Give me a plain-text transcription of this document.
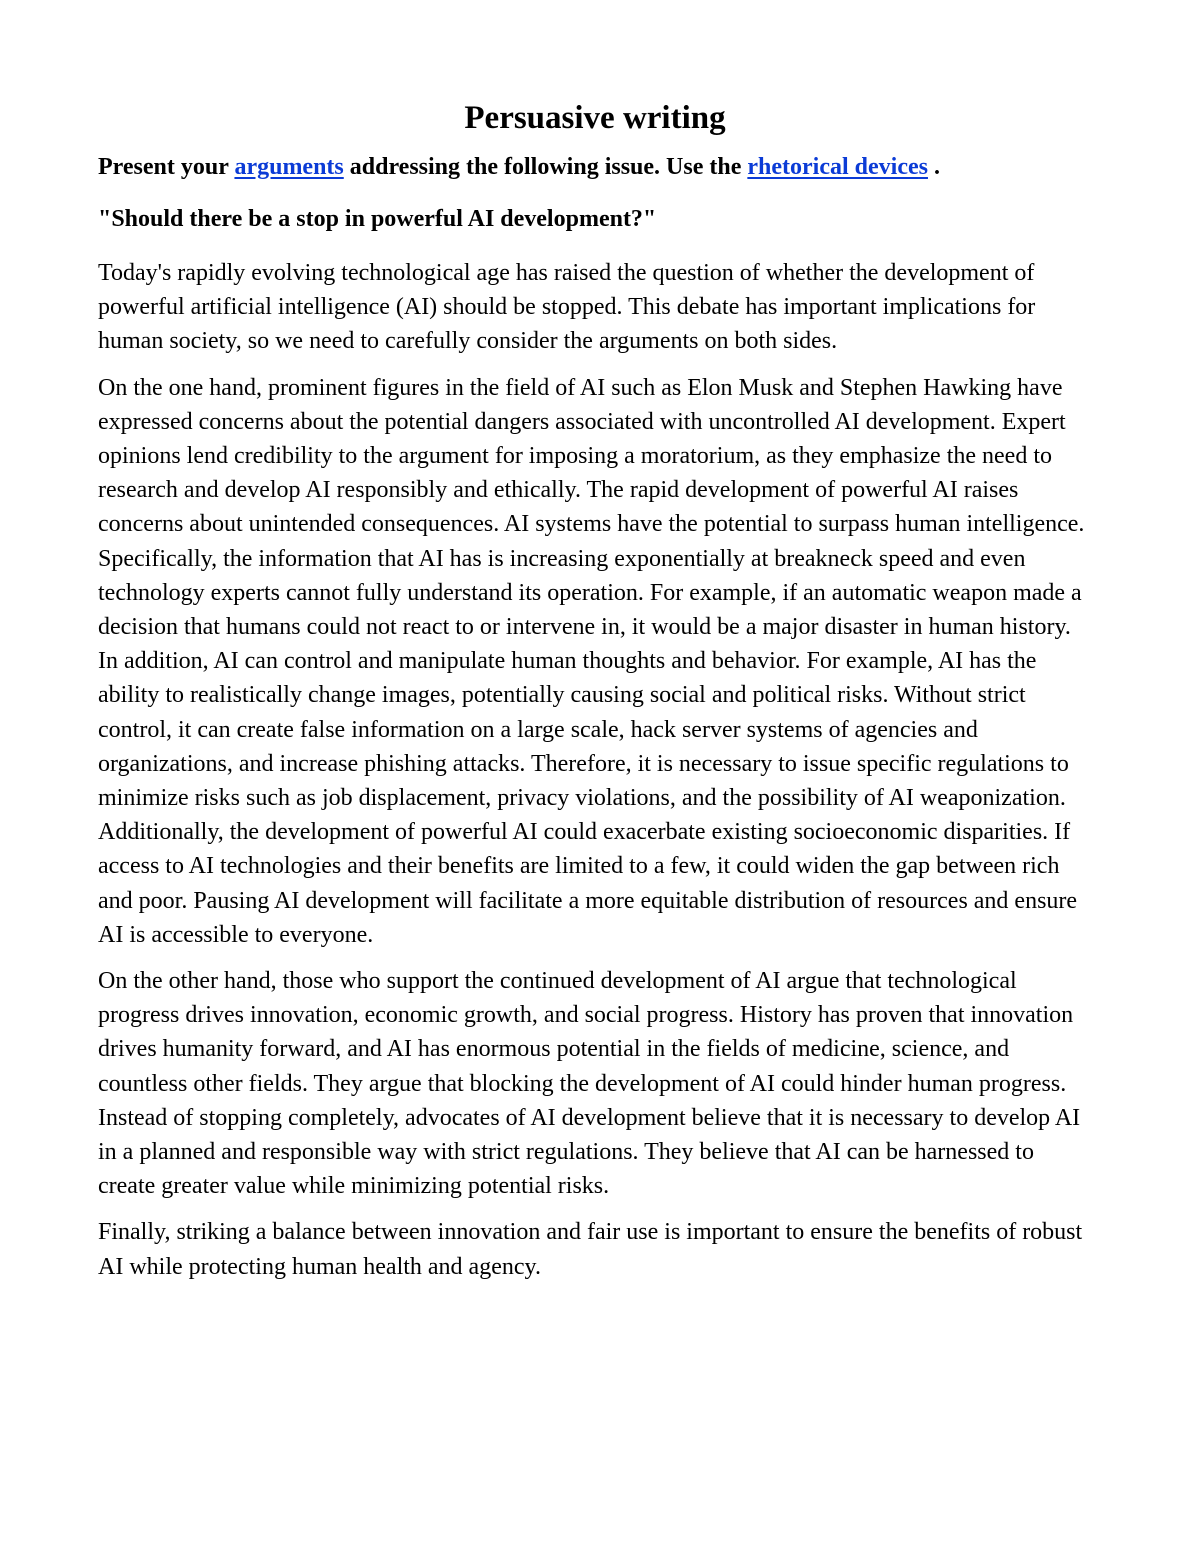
Persuasive writing

Present your arguments addressing the following issue. Use the rhetorical devices .

"Should there be a stop in powerful AI development?"

Today's rapidly evolving technological age has raised the question of whether the development of powerful artificial intelligence (AI) should be stopped. This debate has important implications for human society, so we need to carefully consider the arguments on both sides.

On the one hand, prominent figures in the field of AI such as Elon Musk and Stephen Hawking have expressed concerns about the potential dangers associated with uncontrolled AI development. Expert opinions lend credibility to the argument for imposing a moratorium, as they emphasize the need to research and develop AI responsibly and ethically. The rapid development of powerful AI raises concerns about unintended consequences. AI systems have the potential to surpass human intelligence. Specifically, the information that AI has is increasing exponentially at breakneck speed and even technology experts cannot fully understand its operation. For example, if an automatic weapon made a decision that humans could not react to or intervene in, it would be a major disaster in human history. In addition, AI can control and manipulate human thoughts and behavior. For example, AI has the ability to realistically change images, potentially causing social and political risks. Without strict control, it can create false information on a large scale, hack server systems of agencies and organizations, and increase phishing attacks. Therefore, it is necessary to issue specific regulations to minimize risks such as job displacement, privacy violations, and the possibility of AI weaponization. Additionally, the development of powerful AI could exacerbate existing socioeconomic disparities. If access to AI technologies and their benefits are limited to a few, it could widen the gap between rich and poor. Pausing AI development will facilitate a more equitable distribution of resources and ensure AI is accessible to everyone.

On the other hand, those who support the continued development of AI argue that technological progress drives innovation, economic growth, and social progress. History has proven that innovation drives humanity forward, and AI has enormous potential in the fields of medicine, science, and countless other fields. They argue that blocking the development of AI could hinder human progress. Instead of stopping completely, advocates of AI development believe that it is necessary to develop AI in a planned and responsible way with strict regulations. They believe that AI can be harnessed to create greater value while minimizing potential risks.

Finally, striking a balance between innovation and fair use is important to ensure the benefits of robust AI while protecting human health and agency.
